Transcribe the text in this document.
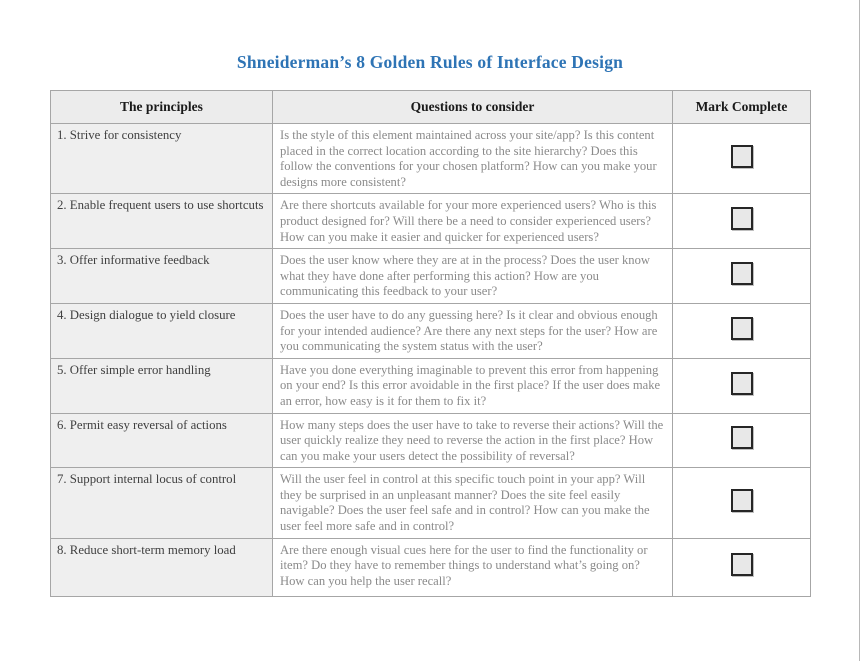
Shneiderman’s 8 Golden Rules of Interface Design
The principles	Questions to consider	Mark Complete
1. Strive for consistency	Is the style of this element maintained across your site/app? Is this content placed in the correct location according to the site hierarchy? Does this follow the conventions for your chosen platform? How can you make your designs more consistent?	
2. Enable frequent users to use shortcuts	Are there shortcuts available for your more experienced users? Who is this product designed for? Will there be a need to consider experienced users? How can you make it easier and quicker for experienced users?	
3. Offer informative feedback	Does the user know where they are at in the process? Does the user know what they have done after performing this action? How are you communicating this feedback to your user?	
4. Design dialogue to yield closure	Does the user have to do any guessing here? Is it clear and obvious enough for your intended audience? Are there any next steps for the user? How are you communicating the system status with the user?	
5. Offer simple error handling	Have you done everything imaginable to prevent this error from happening on your end? Is this error avoidable in the first place? If the user does make an error, how easy is it for them to fix it?	
6. Permit easy reversal of actions	How many steps does the user have to take to reverse their actions? Will the user quickly realize they need to reverse the action in the first place? How can you make your users detect the possibility of reversal?	
7. Support internal locus of control	Will the user feel in control at this specific touch point in your app? Will they be surprised in an unpleasant manner? Does the site feel easily navigable? Does the user feel safe and in control? How can you make the user feel more safe and in control?	
8. Reduce short-term memory load	Are there enough visual cues here for the user to find the functionality or item? Do they have to remember things to understand what’s going on? How can you help the user recall?	
